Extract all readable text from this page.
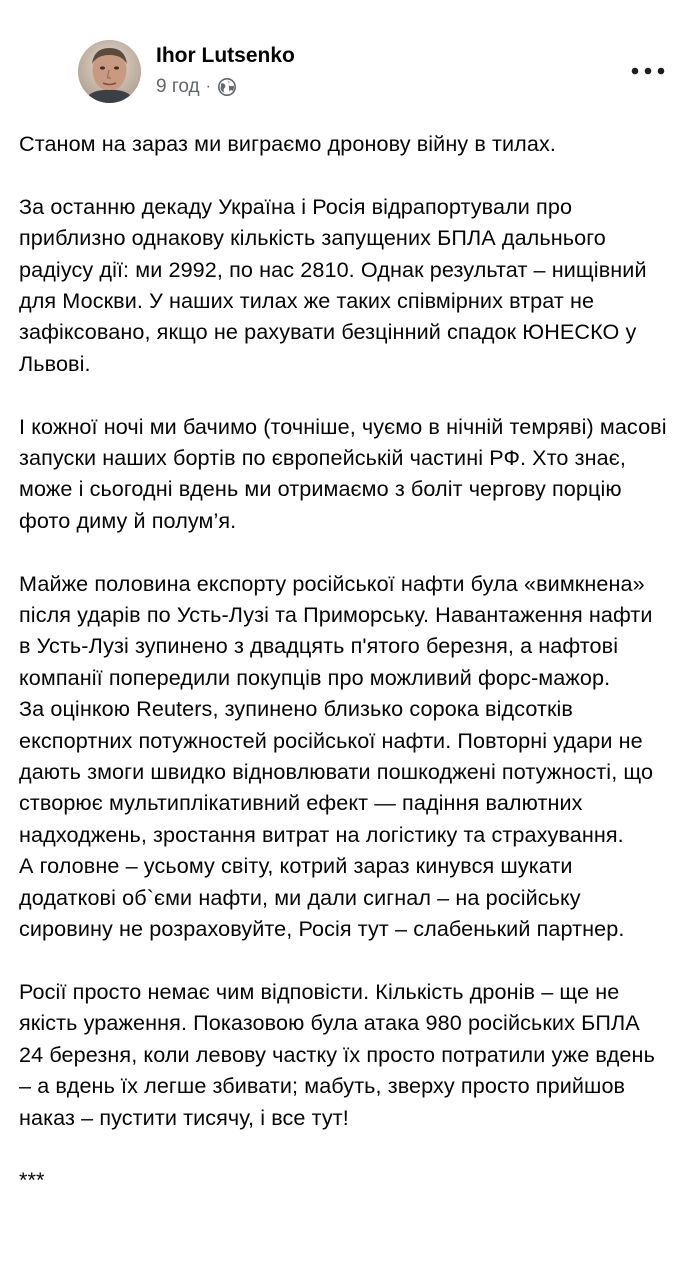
Ihor Lutsenko
9 год ·

Станом на зараз ми виграємо дронову війну в тилах.

За останню декаду Україна і Росія відрапортували про приблизно однакову кількість запущених БПЛА дальнього радіусу дії: ми 2992, по нас 2810. Однак результат – нищівний для Москви. У наших тилах же таких співмірних втрат не зафіксовано, якщо не рахувати безцінний спадок ЮНЕСКО у Львові.

І кожної ночі ми бачимо (точніше, чуємо в нічній темряві) масові запуски наших бортів по європейській частині РФ. Хто знає, може і сьогодні вдень ми отримаємо з боліт чергову порцію фото диму й полум’я.

Майже половина експорту російської нафти була «вимкнена» після ударів по Усть-Лузі та Приморську. Навантаження нафти в Усть-Лузі зупинено з двадцять п'ятого березня, а нафтові компанії попередили покупців про можливий форс-мажор.

За оцінкою Reuters, зупинено близько сорока відсотків експортних потужностей російської нафти. Повторні удари не дають змоги швидко відновлювати пошкоджені потужності, що створює мультиплікативний ефект — падіння валютних надходжень, зростання витрат на логістику та страхування.

А головне – усьому світу, котрий зараз кинувся шукати додаткові об`єми нафти, ми дали сигнал – на російську сировину не розраховуйте, Росія тут – слабенький партнер.

Росії просто немає чим відповісти. Кількість дронів – ще не якість ураження. Показовою була атака 980 російських БПЛА 24 березня, коли левову частку їх просто потратили уже вдень – а вдень їх легше збивати; мабуть, зверху просто прийшов наказ – пустити тисячу, і все тут!

***
